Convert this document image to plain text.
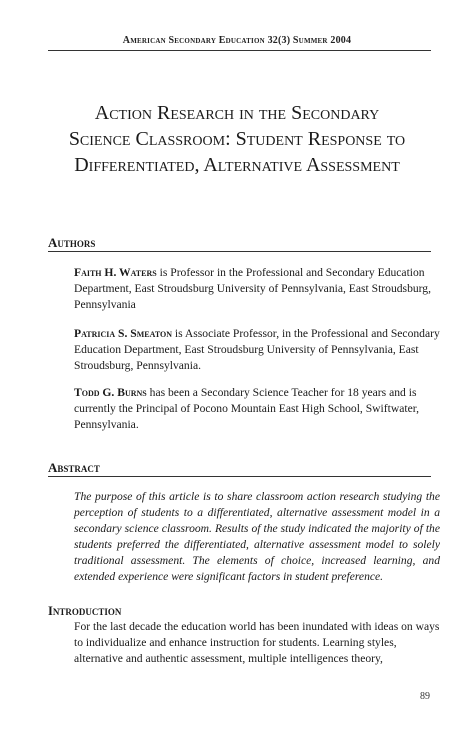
American Secondary Education 32(3) Summer 2004
Action Research in the Secondary
Science Classroom: Student Response to
Differentiated, Alternative Assessment
Authors
Faith H. Waters is Professor in the Professional and Secondary Education Department, East Stroudsburg University of Pennsylvania, East Stroudsburg, Pennsylvania
Patricia S. Smeaton is Associate Professor, in the Professional and Secondary Education Department, East Stroudsburg University of Pennsylvania, East Stroudsburg, Pennsylvania.
Todd G. Burns has been a Secondary Science Teacher for 18 years and is currently the Principal of Pocono Mountain East High School, Swiftwater, Pennsylvania.
Abstract
The purpose of this article is to share classroom action research studying the perception of students to a differentiated, alternative assessment model in a secondary science classroom. Results of the study indicated the majority of the students preferred the differentiated, alternative assessment model to solely traditional assessment. The elements of choice, increased learning, and extended experience were significant factors in student preference.
Introduction
For the last decade the education world has been inundated with ideas on ways to individualize and enhance instruction for students. Learning styles, alternative and authentic assessment, multiple intelligences theory,
89
